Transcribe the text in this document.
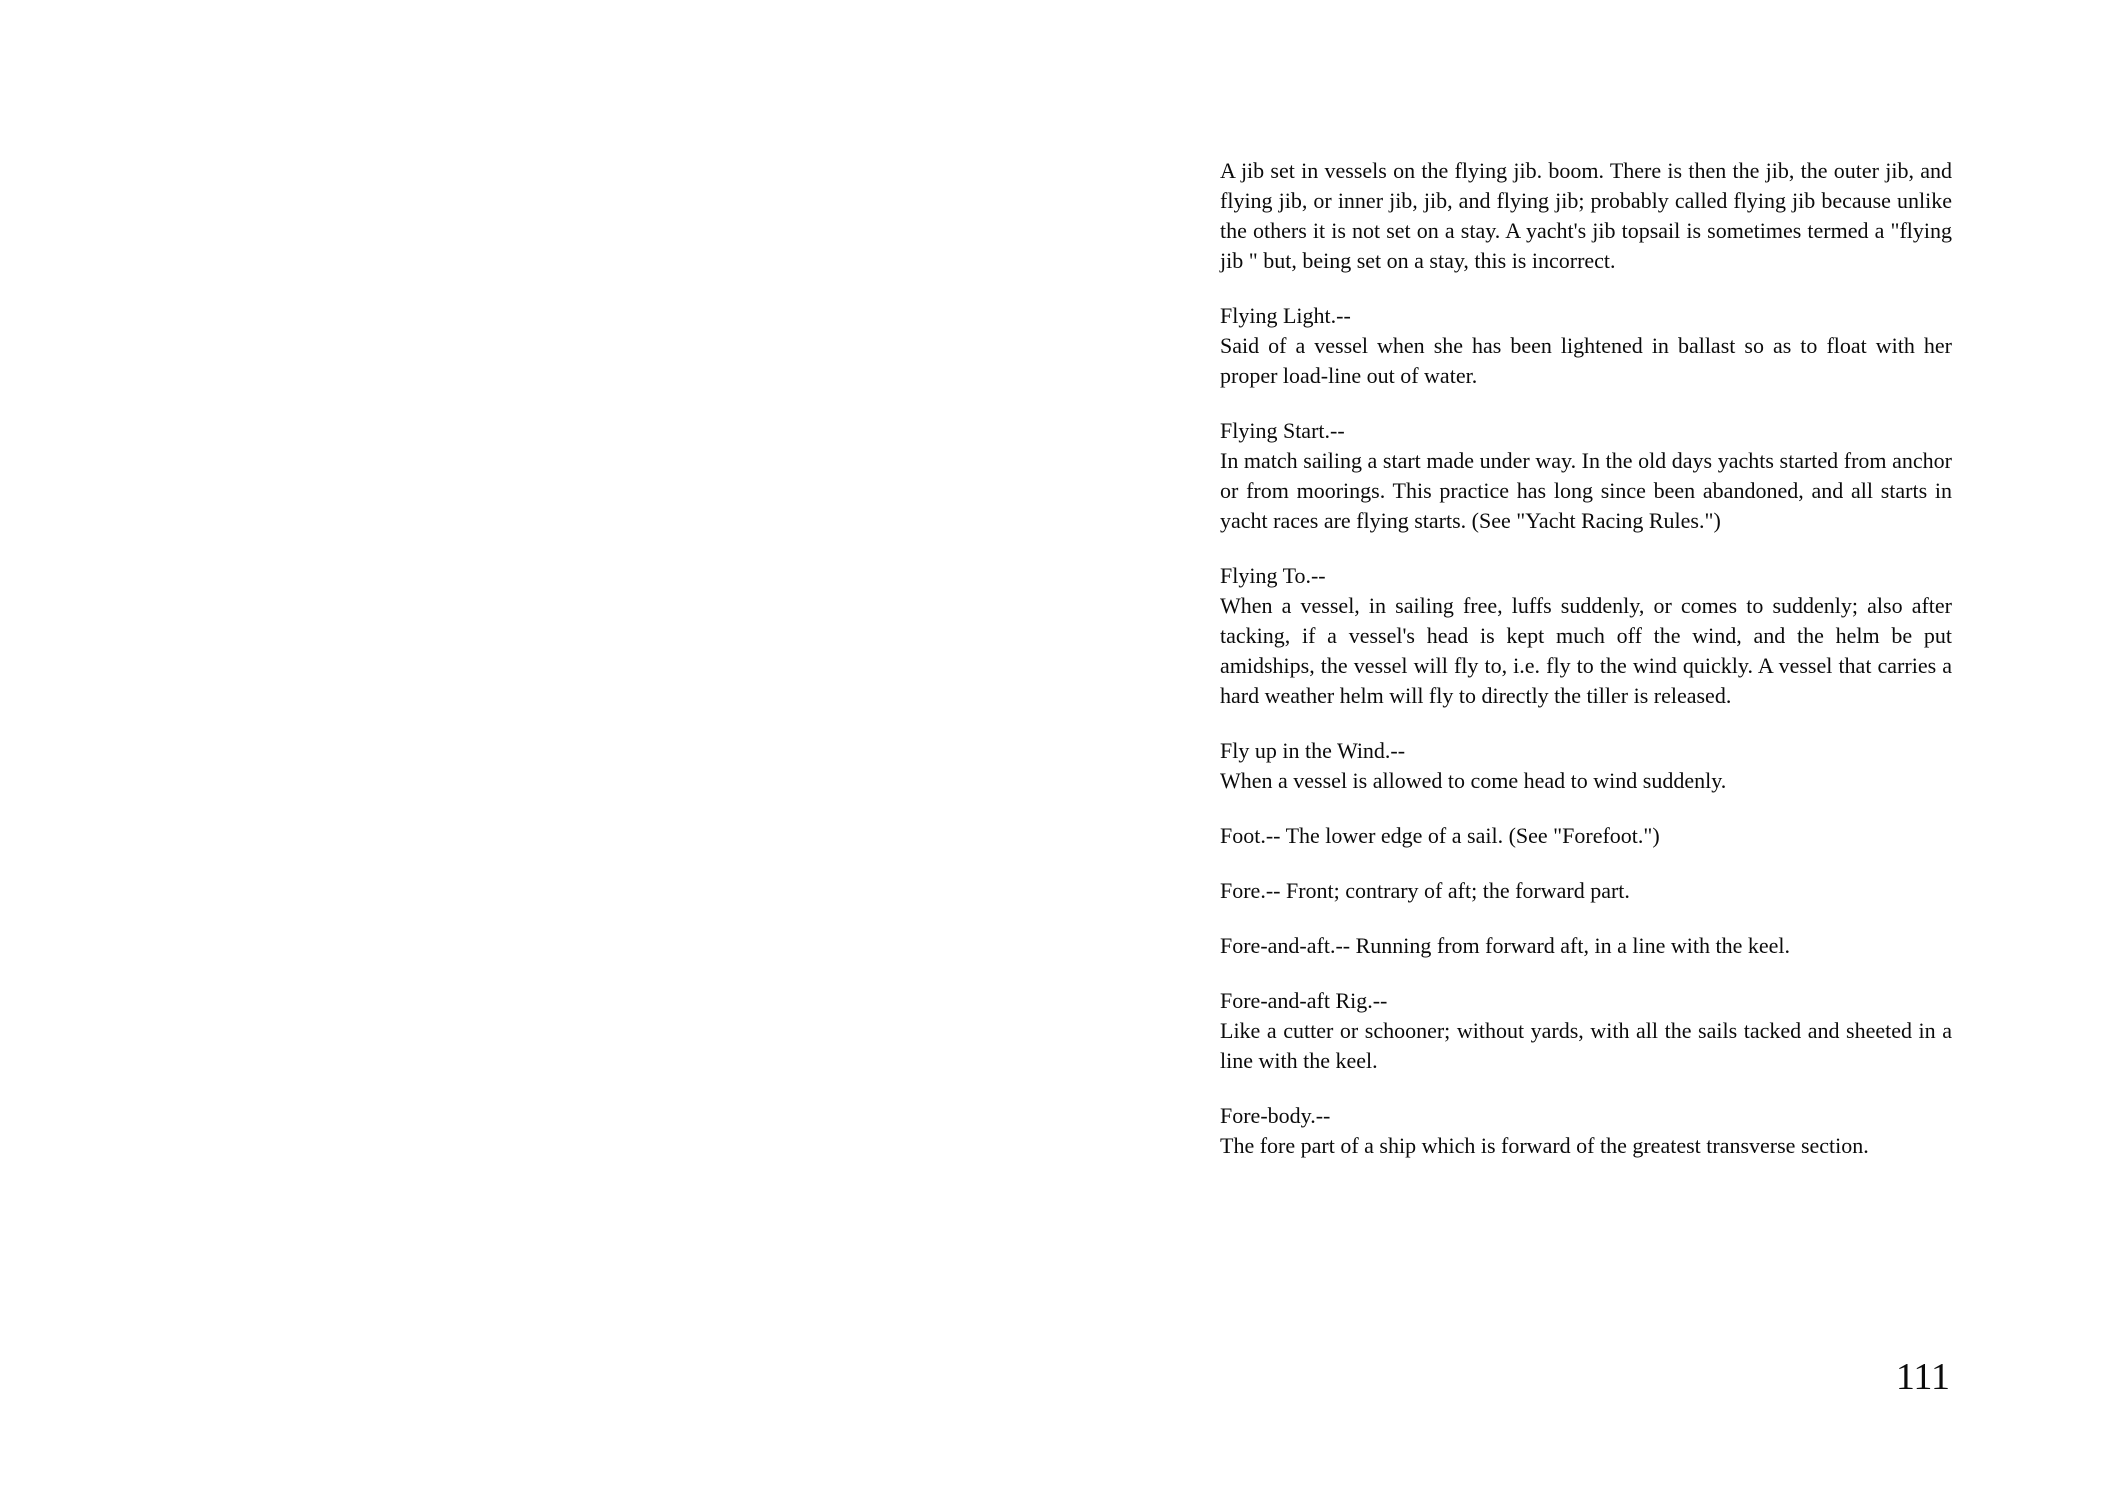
A jib set in vessels on the flying jib. boom. There is then the jib, the outer jib, and flying jib, or inner jib, jib, and flying jib; probably called flying jib because unlike the others it is not set on a stay. A yacht's jib topsail is sometimes termed a "flying jib " but, being set on a stay, this is incorrect.
Flying Light.--
Said of a vessel when she has been lightened in ballast so as to float with her proper load-line out of water.
Flying Start.--
In match sailing a start made under way. In the old days yachts started from anchor or from moorings. This practice has long since been abandoned, and all starts in yacht races are flying starts. (See "Yacht Racing Rules.")
Flying To.--
When a vessel, in sailing free, luffs suddenly, or comes to suddenly; also after tacking, if a vessel's head is kept much off the wind, and the helm be put amidships, the vessel will fly to, i.e. fly to the wind quickly. A vessel that carries a hard weather helm will fly to directly the tiller is released.
Fly up in the Wind.--
When a vessel is allowed to come head to wind suddenly.
Foot.-- The lower edge of a sail. (See "Forefoot.")
Fore.-- Front; contrary of aft; the forward part.
Fore-and-aft.-- Running from forward aft, in a line with the keel.
Fore-and-aft Rig.--
Like a cutter or schooner; without yards, with all the sails tacked and sheeted in a line with the keel.
Fore-body.--
The fore part of a ship which is forward of the greatest transverse section.
111
